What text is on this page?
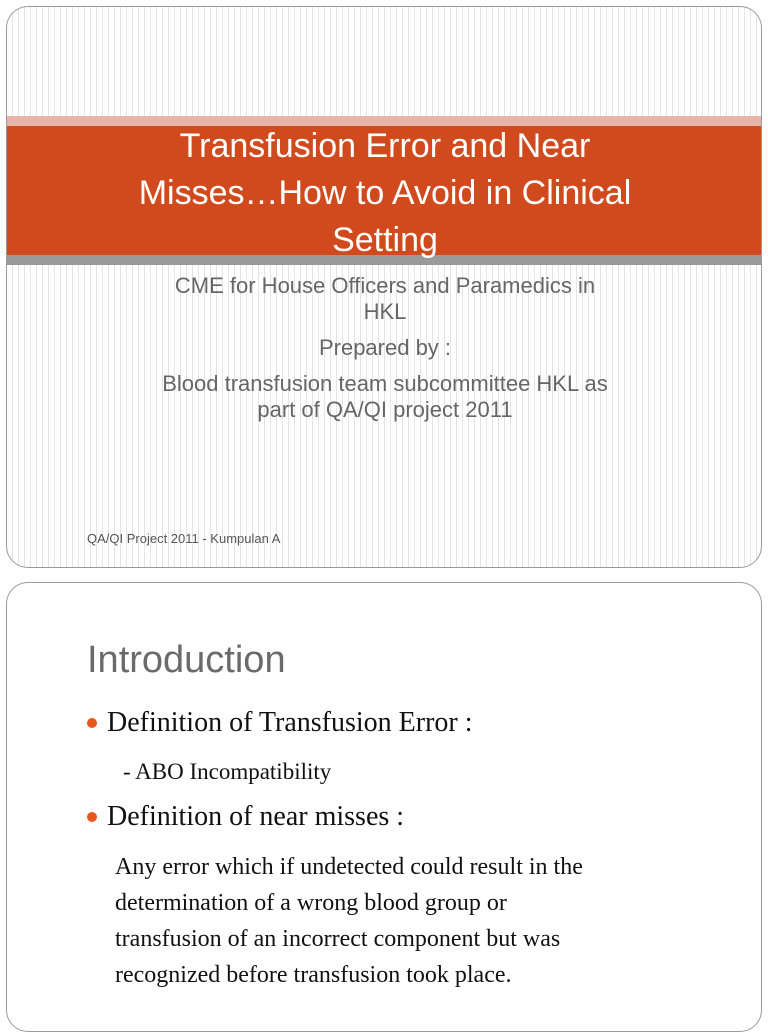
Transfusion Error and Near
Misses…How to Avoid in Clinical
Setting
CME for House Officers and Paramedics in
HKL
Prepared by :
Blood transfusion team subcommittee HKL as
part of QA/QI project 2011
QA/QI Project 2011 - Kumpulan A
Introduction
Definition of Transfusion Error :
- ABO Incompatibility
Definition of near misses :
Any error which if undetected could result in the
determination of a wrong blood group or
transfusion of an incorrect component but was
recognized before transfusion took place.
